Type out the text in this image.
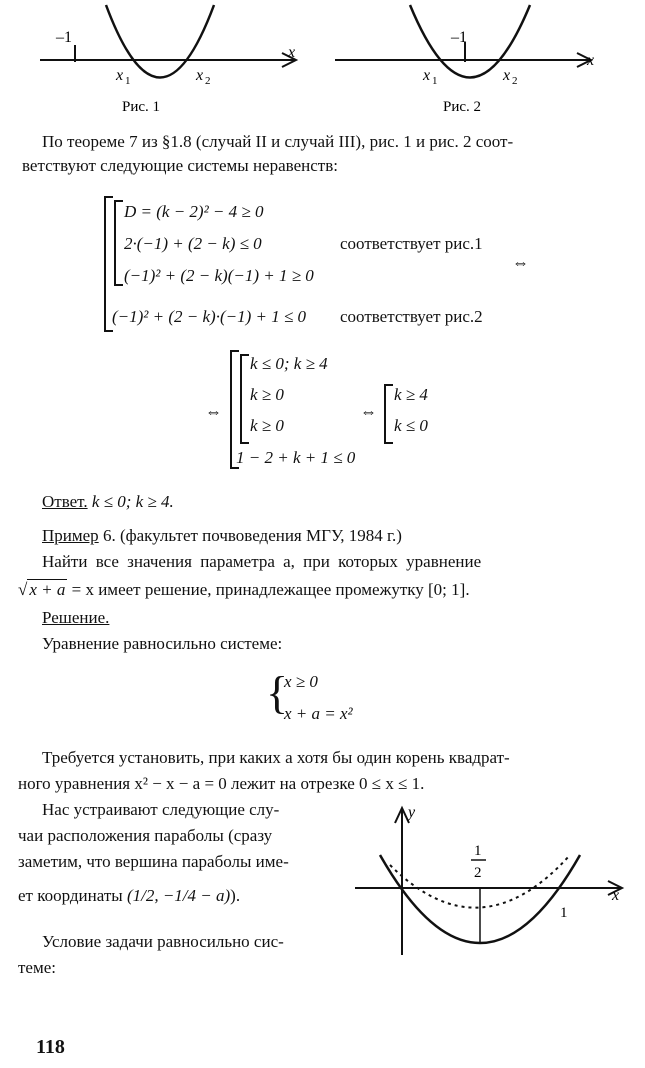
–1
x
x 1	x 2
Рис. 1
–1
x
x 1	x 2
Рис. 2
По теореме 7 из §1.8 (случай II и случай III), рис. 1 и рис. 2 соот-
ветствуют следующие системы неравенств:
D = (k − 2)² − 4 ≥ 0
2·(−1) + (2 − k) ≤ 0
(−1)² + (2 − k)(−1) + 1 ≥ 0
(−1)² + (2 − k)·(−1) + 1 ≤ 0
соответствует рис.1
соответствует рис.2
⇔
⇔
k ≤ 0; k ≥ 4
k ≥ 0
k ≥ 0
1 − 2 + k + 1 ≤ 0
⇔
k ≥ 4
k ≤ 0
Ответ. k ≤ 0; k ≥ 4.
Пример 6. (факультет почвоведения МГУ, 1984 г.)
Найти все значения параметра a, при которых уравнение
√ x + a = x имеет решение, принадлежащее промежутку [0; 1].
Решение.
Уравнение равносильно системе:
{
x ≥ 0
x + a = x²
Требуется установить, при каких a хотя бы один корень квадрат-
ного уравнения x² − x − a = 0 лежит на отрезке 0 ≤ x ≤ 1.
Нас устраивают следующие слу-
чаи расположения параболы (сразу
заметим, что вершина параболы име-
ет координаты (1/2, −1/4 − a)).
Условие задачи равносильно сис-
теме:
y
x
1
2
1
118
